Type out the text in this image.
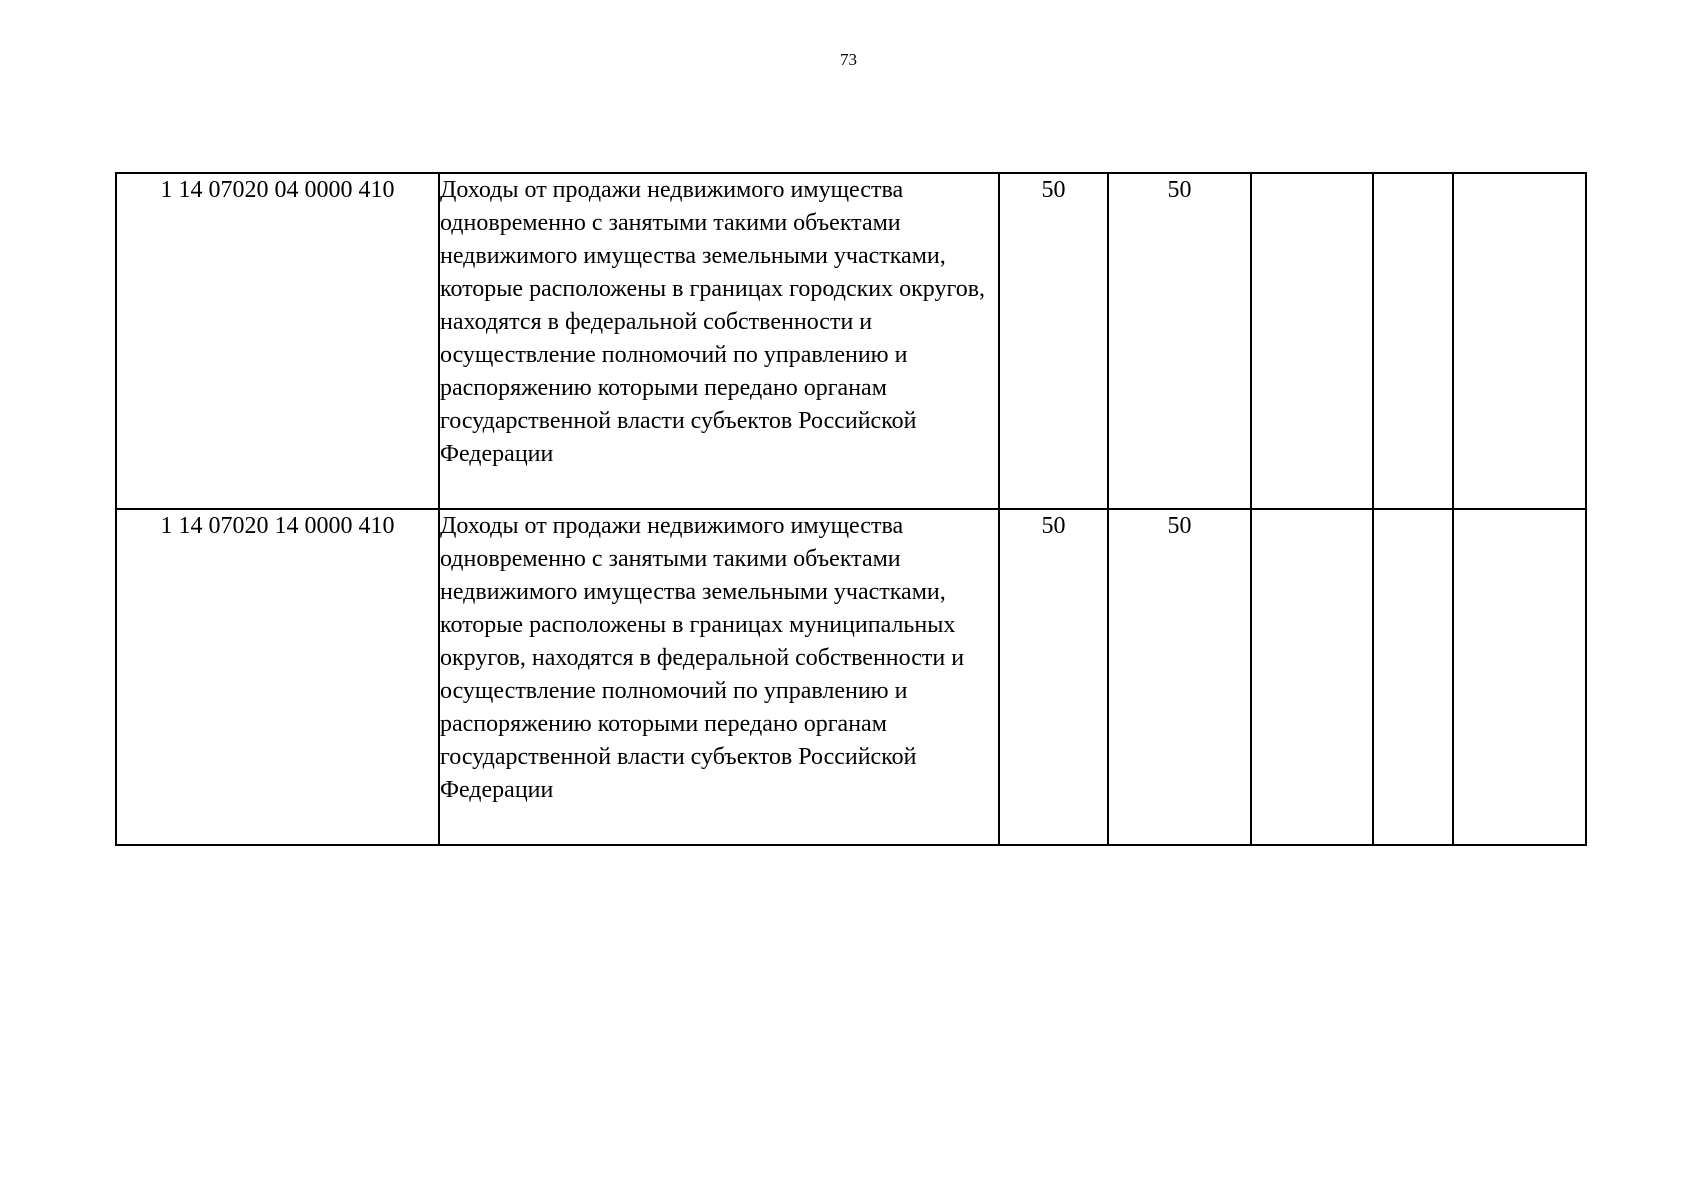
73
1 14 07020 04 0000 410	Доходы от продажи недвижимого имущества одновременно с занятыми такими объектами недвижимого имущества земельными участками, которые расположены в границах городских округов, находятся в федеральной собственности и осуществление полномочий по управлению и распоряжению которыми передано органам государственной власти субъектов Российской Федерации	50	50			
1 14 07020 14 0000 410	Доходы от продажи недвижимого имущества одновременно с занятыми такими объектами недвижимого имущества земельными участками, которые расположены в границах муниципальных округов, находятся в федеральной собственности и осуществление полномочий по управлению и распоряжению которыми передано органам государственной власти субъектов Российской Федерации	50	50			
